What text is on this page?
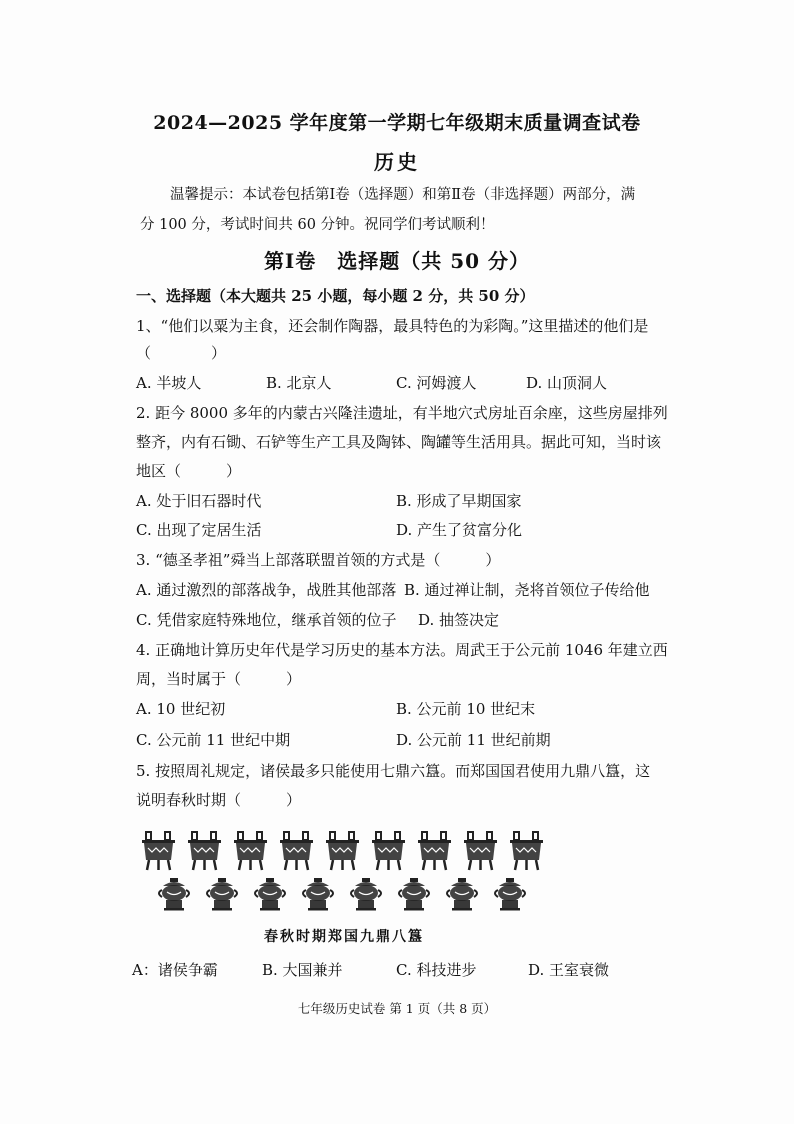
2024—2025 学年度第一学期七年级期末质量调查试卷
历史
温馨提示：本试卷包括第Ⅰ卷（选择题）和第Ⅱ卷（非选择题）两部分，满
分 100 分，考试时间共 60 分钟。祝同学们考试顺利！
第Ⅰ卷　选择题（共 50 分）
一、选择题（本大题共 25 小题，每小题 2 分，共 50 分）
1、“他们以粟为主食，还会制作陶器，最具特色的为彩陶。”这里描述的他们是
（　　　　）
A. 半坡人	B. 北京人	C. 河姆渡人	D. 山顶洞人
2. 距今 8000 多年的内蒙古兴隆洼遗址，有半地穴式房址百余座，这些房屋排列
整齐，内有石锄、石铲等生产工具及陶钵、陶罐等生活用具。据此可知，当时该
地区（　　　）
A. 处于旧石器时代	B. 形成了早期国家
C. 出现了定居生活	D. 产生了贫富分化
3. “德圣孝祖”舜当上部落联盟首领的方式是（　　　）
A. 通过激烈的部落战争，战胜其他部落 B. 通过禅让制，尧将首领位子传给他
C. 凭借家庭特殊地位，继承首领的位子 D. 抽签决定
4. 正确地计算历史年代是学习历史的基本方法。周武王于公元前 1046 年建立西
周，当时属于（　　　）
A. 10 世纪初	B. 公元前 10 世纪末
C. 公元前 11 世纪中期	D. 公元前 11 世纪前期
5. 按照周礼规定，诸侯最多只能使用七鼎六簋。而郑国国君使用九鼎八簋，这
说明春秋时期（　　　）
春秋时期郑国九鼎八簋
A：诸侯争霸	B. 大国兼并	C. 科技进步	D. 王室衰微
七年级历史试卷 第 1 页（共 8 页）
